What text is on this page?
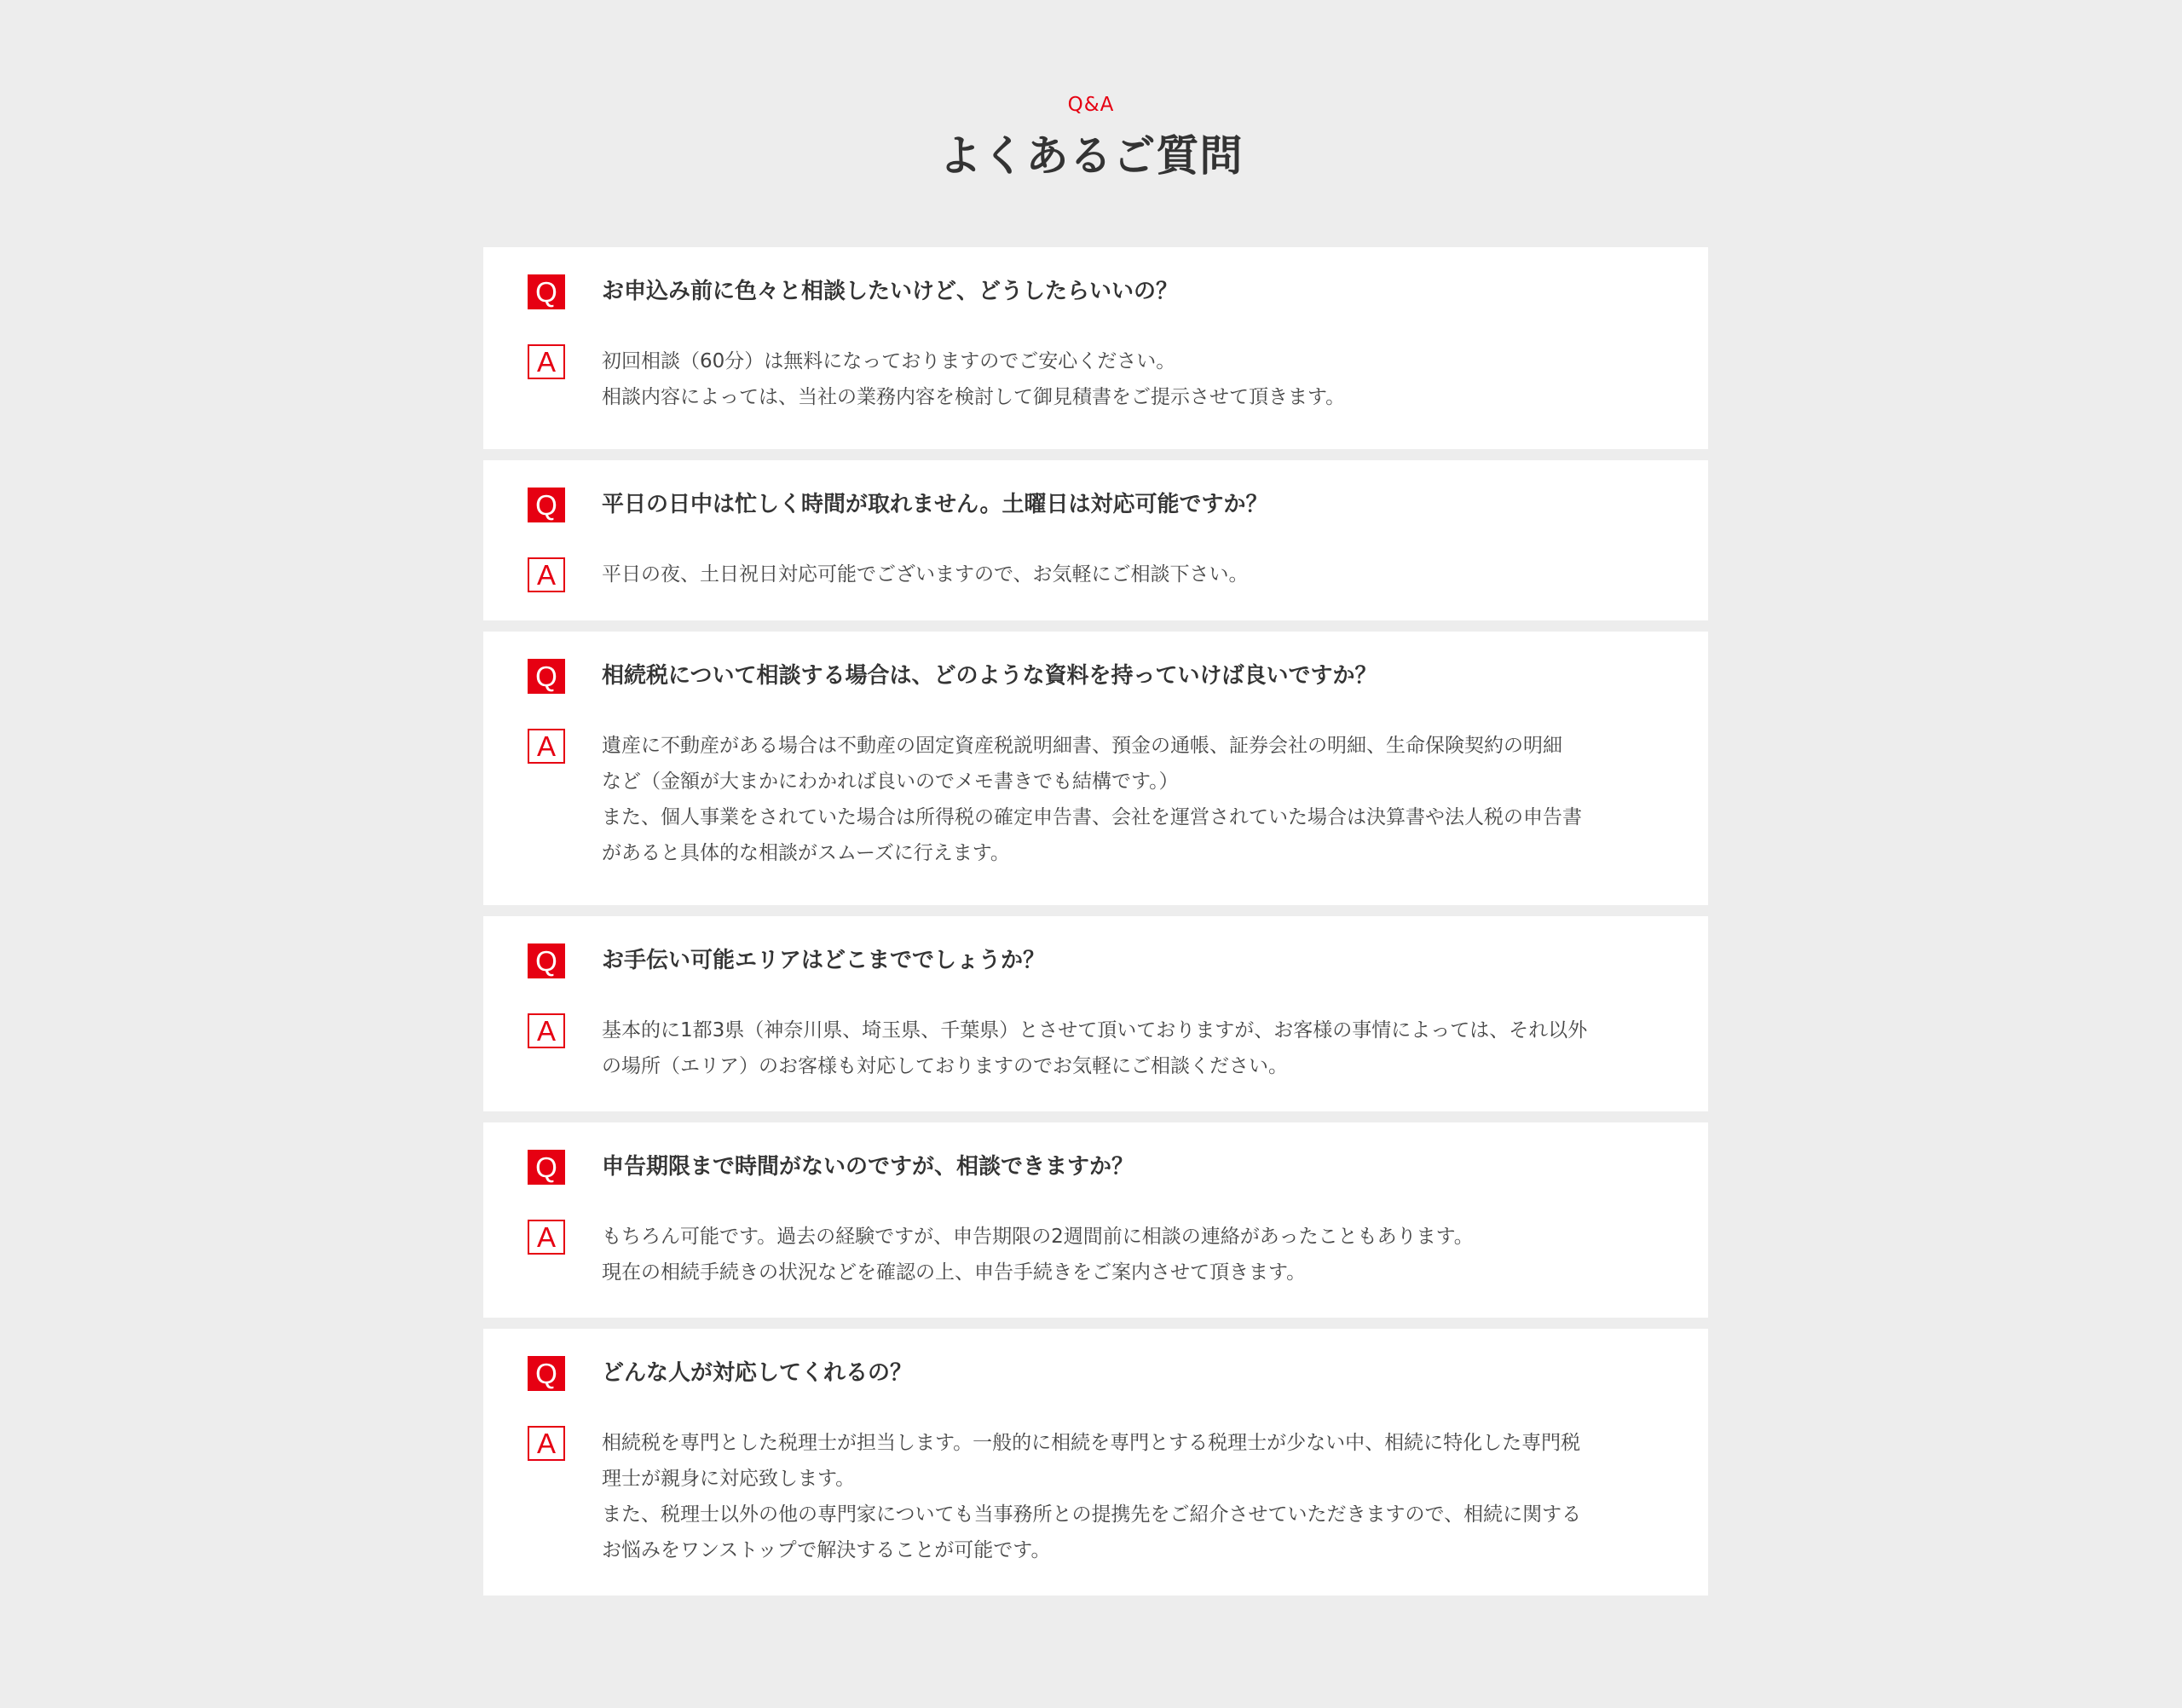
Q&A
よくあるご質問
Q	お申込み前に色々と相談したいけど、どうしたらいいの？
A	初回相談（60分）は無料になっておりますのでご安心ください。
相談内容によっては、当社の業務内容を検討して御見積書をご提示させて頂きます。
Q	平日の日中は忙しく時間が取れません。土曜日は対応可能ですか？
A	平日の夜、土日祝日対応可能でございますので、お気軽にご相談下さい。
Q	相続税について相談する場合は、どのような資料を持っていけば良いですか？
A	遺産に不動産がある場合は不動産の固定資産税説明細書、預金の通帳、証券会社の明細、生命保険契約の明細
など（金額が大まかにわかれば良いのでメモ書きでも結構です。）
また、個人事業をされていた場合は所得税の確定申告書、会社を運営されていた場合は決算書や法人税の申告書
があると具体的な相談がスムーズに行えます。
Q	お手伝い可能エリアはどこまででしょうか？
A	基本的に1都3県（神奈川県、埼玉県、千葉県）とさせて頂いておりますが、お客様の事情によっては、それ以外
の場所（エリア）のお客様も対応しておりますのでお気軽にご相談ください。
Q	申告期限まで時間がないのですが、相談できますか？
A	もちろん可能です。過去の経験ですが、申告期限の2週間前に相談の連絡があったこともあります。
現在の相続手続きの状況などを確認の上、申告手続きをご案内させて頂きます。
Q	どんな人が対応してくれるの？
A	相続税を専門とした税理士が担当します。一般的に相続を専門とする税理士が少ない中、相続に特化した専門税
理士が親身に対応致します。
また、税理士以外の他の専門家についても当事務所との提携先をご紹介させていただきますので、相続に関する
お悩みをワンストップで解決することが可能です。
